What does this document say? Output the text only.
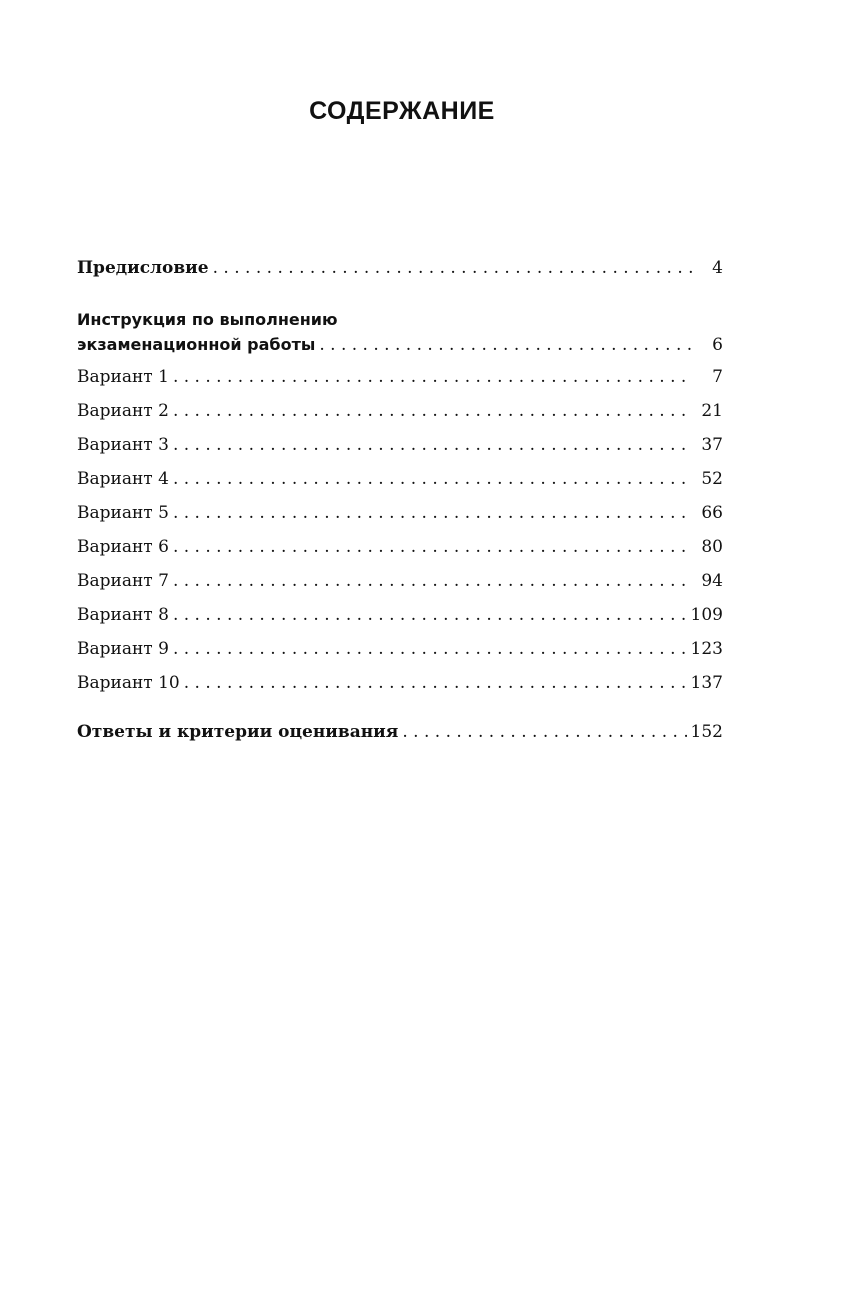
СОДЕРЖАНИЕ
Предисловие . . .	4
Инструкция по выполнению
экзаменационной работы . . .	6
Вариант 1 . . .	7
Вариант 2 . . .	21
Вариант 3 . . .	37
Вариант 4 . . .	52
Вариант 5 . . .	66
Вариант 6 . . .	80
Вариант 7 . . .	94
Вариант 8 . . .	109
Вариант 9 . . .	123
Вариант 10 . . .	137
Ответы и критерии оценивания . . .	152
